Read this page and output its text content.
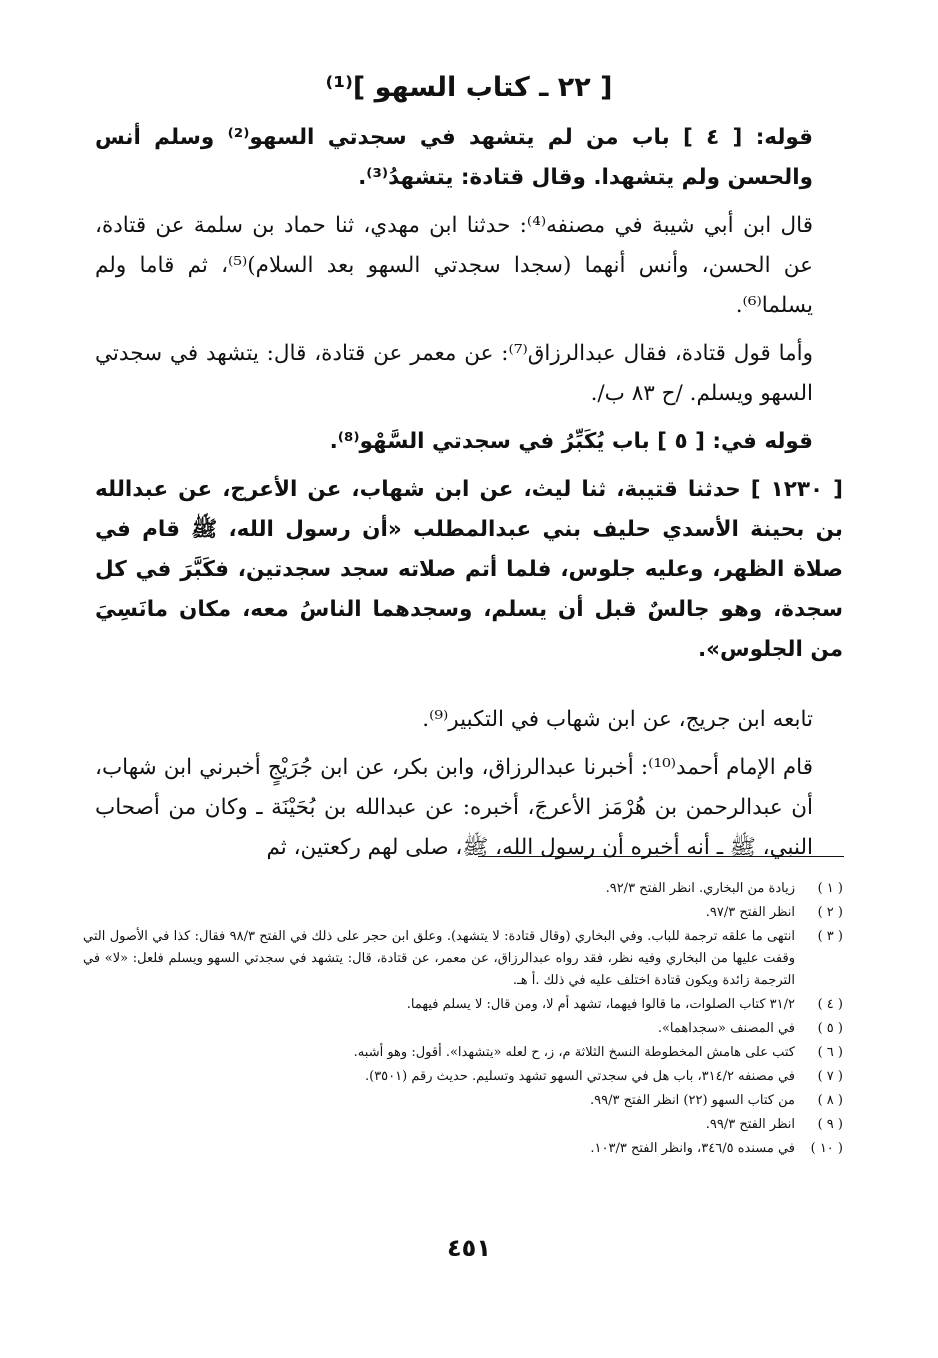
[ ٢٢ ـ كتاب السهو ]⁽¹⁾

قوله: [ ٤ ] باب من لم يتشهد في سجدتي السهو⁽²⁾ وسلم أنس والحسن ولم يتشهدا. وقال قتادة: يتشهدُ⁽³⁾.

قال ابن أبي شيبة في مصنفه⁽⁴⁾: حدثنا ابن مهدي، ثنا حماد بن سلمة عن قتادة، عن الحسن، وأنس أنهما (سجدا سجدتي السهو بعد السلام)⁽⁵⁾، ثم قاما ولم يسلما⁽⁶⁾.

وأما قول قتادة، فقال عبدالرزاق⁽⁷⁾: عن معمر عن قتادة، قال: يتشهد في سجدتي السهو ويسلم. /ح ٨٣ ب/.

قوله في: [ ٥ ] باب يُكَبِّرُ في سجدتي السَّهْو⁽⁸⁾.

[ ١٢٣٠ ] حدثنا قتيبة، ثنا ليث، عن ابن شهاب، عن الأعرج، عن عبدالله بن بحينة الأسدي حليف بني عبدالمطلب «أن رسول الله، ﷺ قام في صلاة الظهر، وعليه جلوس، فلما أتم صلاته سجد سجدتين، فكَبَّرَ في كل سجدة، وهو جالسٌ قبل أن يسلم، وسجدهما الناسُ معه، مكان مانَسِيَ من الجلوس».

تابعه ابن جريج، عن ابن شهاب في التكبير⁽⁹⁾.

قام الإمام أحمد⁽¹⁰⁾: أخبرنا عبدالرزاق، وابن بكر، عن ابن جُرَيْجٍ أخبرني ابن شهاب، أن عبدالرحمن بن هُرْمَز الأعرجَ، أخبره: عن عبدالله بن بُحَيْنَة ـ وكان من أصحاب النبي، ﷺ ـ أنه أخبره أن رسول الله، ﷺ، صلى لهم ركعتين، ثم

( ١ )
زيادة من البخاري. انظر الفتح ٩٢/٣.
( ٢ )
انظر الفتح ٩٧/٣.
( ٣ )
انتهى ما علقه ترجمة للباب. وفي البخاري (وقال قتادة: لا يتشهد). وعلق ابن حجر على ذلك في الفتح ٩٨/٣ فقال: كذا في الأصول التي وقفت عليها من البخاري وفيه نظر، فقد رواه عبدالرزاق، عن معمر، عن قتادة، قال: يتشهد في سجدتي السهو ويسلم فلعل: «لا» في الترجمة زائدة ويكون قتادة اختلف عليه في ذلك .أ هـ.
( ٤ )
٣١/٢ كتاب الصلوات، ما قالوا فيهما، تشهد أم لا، ومن قال: لا يسلم فيهما.
( ٥ )
في المصنف «سجداهما».
( ٦ )
كتب على هامش المخطوطة النسخ الثلاثة م، ز، ح لعله «يتشهدا». أقول: وهو أشبه.
( ٧ )
في مصنفه ٣١٤/٢، باب هل في سجدتي السهو تشهد وتسليم. حديث رقم (٣٥٠١).
( ٨ )
من كتاب السهو (٢٢) انظر الفتح ٩٩/٣.
( ٩ )
انظر الفتح ٩٩/٣.
( ١٠ )
في مسنده ٣٤٦/٥، وانظر الفتح ١٠٣/٣.
٤٥١
